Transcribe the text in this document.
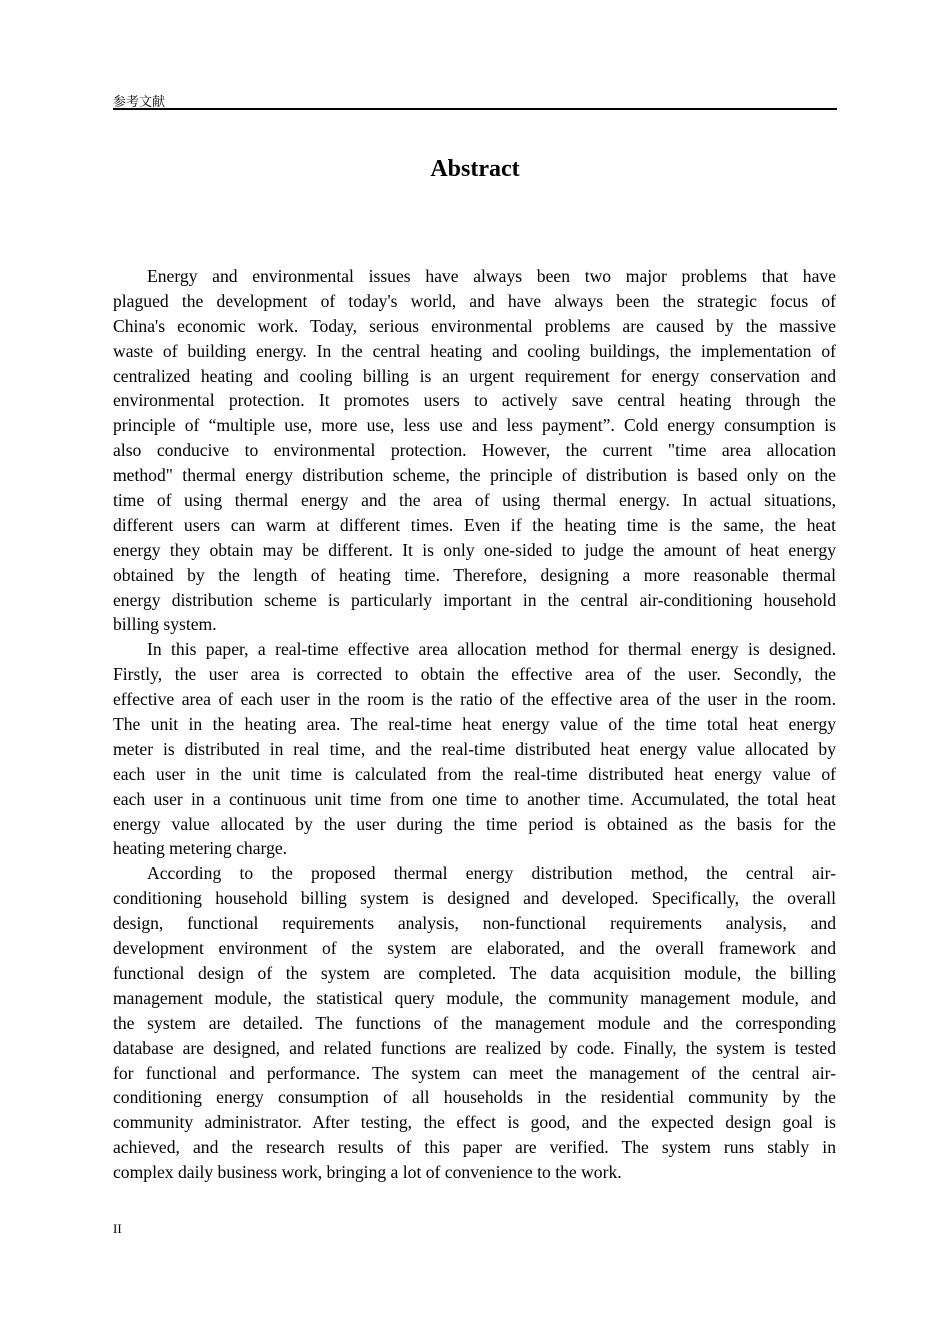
参考文献
Abstract
Energy and environmental issues have always been two major problems that have
plagued the development of today's world, and have always been the strategic focus of
China's economic work. Today, serious environmental problems are caused by the massive
waste of building energy. In the central heating and cooling buildings, the implementation of
centralized heating and cooling billing is an urgent requirement for energy conservation and
environmental protection. It promotes users to actively save central heating through the
principle of “multiple use, more use, less use and less payment”. Cold energy consumption is
also conducive to environmental protection. However, the current "time area allocation
method" thermal energy distribution scheme, the principle of distribution is based only on the
time of using thermal energy and the area of using thermal energy. In actual situations,
different users can warm at different times. Even if the heating time is the same, the heat
energy they obtain may be different. It is only one-sided to judge the amount of heat energy
obtained by the length of heating time. Therefore, designing a more reasonable thermal
energy distribution scheme is particularly important in the central air-conditioning household
billing system.
In this paper, a real-time effective area allocation method for thermal energy is designed.
Firstly, the user area is corrected to obtain the effective area of the user. Secondly, the
effective area of each user in the room is the ratio of the effective area of the user in the room.
The unit in the heating area. The real-time heat energy value of the time total heat energy
meter is distributed in real time, and the real-time distributed heat energy value allocated by
each user in the unit time is calculated from the real-time distributed heat energy value of
each user in a continuous unit time from one time to another time. Accumulated, the total heat
energy value allocated by the user during the time period is obtained as the basis for the
heating metering charge.
According to the proposed thermal energy distribution method, the central air-
conditioning household billing system is designed and developed. Specifically, the overall
design, functional requirements analysis, non-functional requirements analysis, and
development environment of the system are elaborated, and the overall framework and
functional design of the system are completed. The data acquisition module, the billing
management module, the statistical query module, the community management module, and
the system are detailed. The functions of the management module and the corresponding
database are designed, and related functions are realized by code. Finally, the system is tested
for functional and performance. The system can meet the management of the central air-
conditioning energy consumption of all households in the residential community by the
community administrator. After testing, the effect is good, and the expected design goal is
achieved, and the research results of this paper are verified. The system runs stably in
complex daily business work, bringing a lot of convenience to the work.
II
